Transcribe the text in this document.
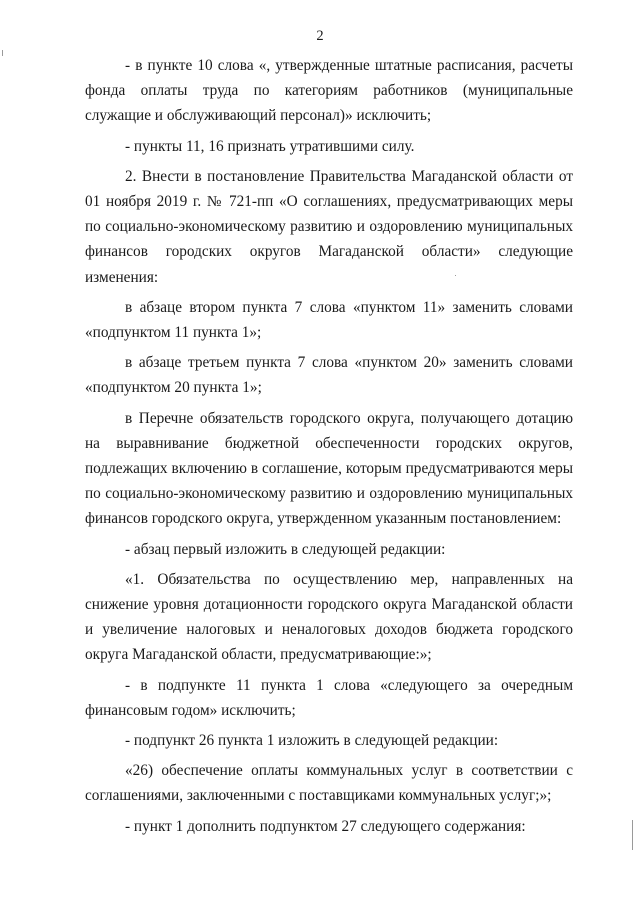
2

- в пункте 10 слова «, утвержденные штатные расписания, расчеты фонда оплаты труда по категориям работников (муниципальные служащие и обслуживающий персонал)» исключить;

- пункты 11, 16 признать утратившими силу.

2. Внести в постановление Правительства Магаданской области от 01 ноября 2019 г. № 721-пп «О соглашениях, предусматривающих меры по социально-экономическому развитию и оздоровлению муниципальных финансов городских округов Магаданской области» следующие изменения:

в абзаце втором пункта 7 слова «пунктом 11» заменить словами «подпунктом 11 пункта 1»;

в абзаце третьем пункта 7 слова «пунктом 20» заменить словами «подпунктом 20 пункта 1»;

в Перечне обязательств городского округа, получающего дотацию на выравнивание бюджетной обеспеченности городских округов, подлежащих включению в соглашение, которым предусматриваются меры по социально-экономическому развитию и оздоровлению муниципальных финансов городского округа, утвержденном указанным постановлением:

- абзац первый изложить в следующей редакции:

«1. Обязательства по осуществлению мер, направленных на снижение уровня дотационности городского округа Магаданской области и увеличение налоговых и неналоговых доходов бюджета городского округа Магаданской области, предусматривающие:»;

- в подпункте 11 пункта 1 слова «следующего за очередным финансовым годом» исключить;

- подпункт 26 пункта 1 изложить в следующей редакции:

«26) обеспечение оплаты коммунальных услуг в соответствии с соглашениями, заключенными с поставщиками коммунальных услуг;»;

- пункт 1 дополнить подпунктом 27 следующего содержания:
